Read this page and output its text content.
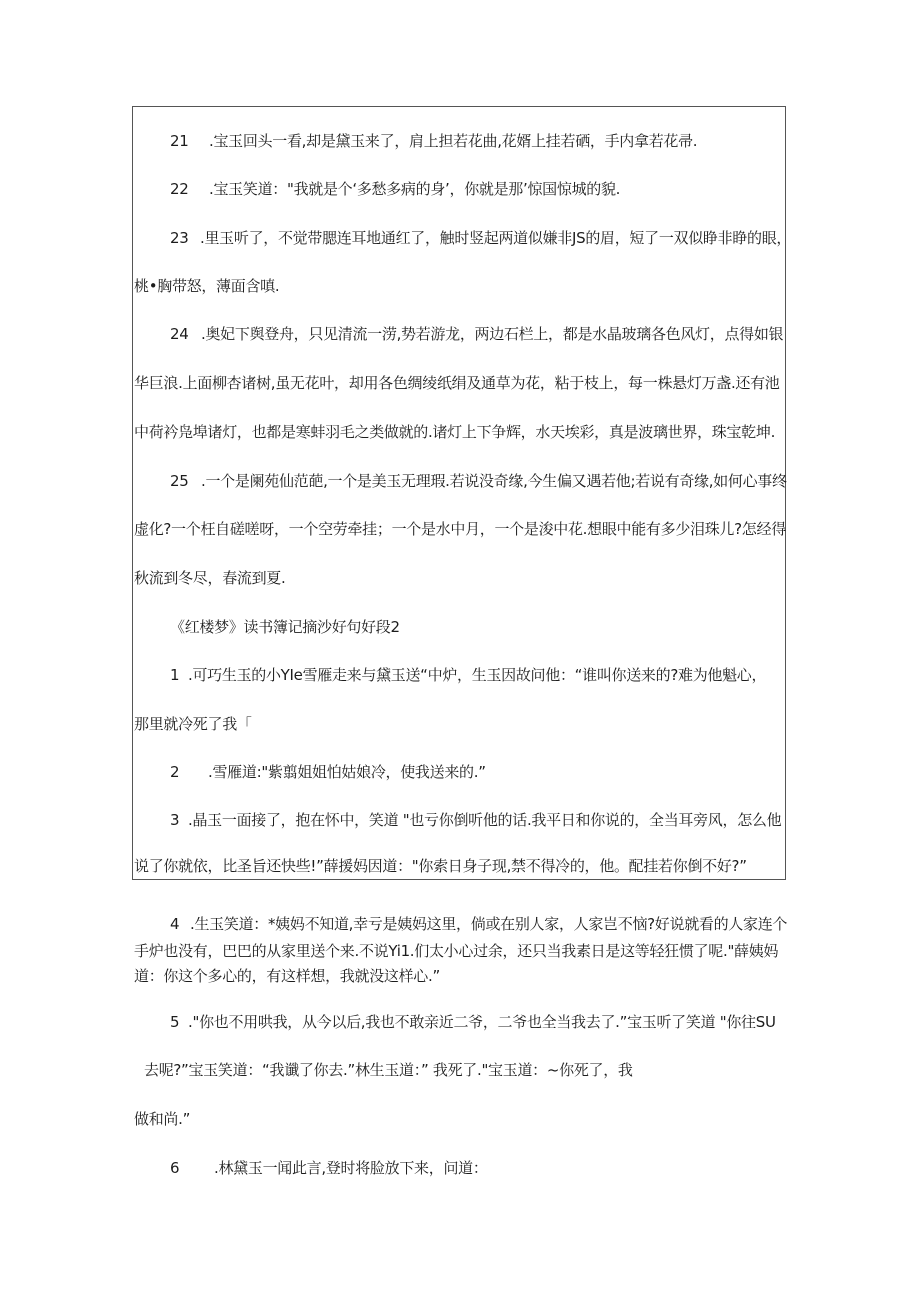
21 .宝玉回头一看,却是黛玉来了，肩上担若花曲,花婿上挂若硒，手内拿若花帚.
22 .宝玉笑道："我就是个‘多愁多病的身’，你就是那’惊国惊城的貌.
23 .里玉听了，不觉带腮连耳地通红了，触时竖起两道似嫌非JS的眉，短了一双似睁非睁的眼，
桃•胸带怒，薄面含嗔.
24 .奥妃下舆登舟，只见清流一涝,势若游龙，两边石栏上，都是水晶玻璃各色风灯，点得如银
华巨浪.上面柳杏诸树,虽无花叶，却用各色绸绫纸绢及通草为花，粘于枝上，每一株悬灯万盏.还有池
中荷衿凫埠诸灯，也都是寒蚌羽毛之类做就的.诸灯上下争辉，水天埃彩，真是波璃世界，珠宝乾坤.
25 .一个是阑苑仙范葩,一个是美玉无理瑕.若说没奇缘,今生偏又遇若他;若说有奇缘,如何心事终
虚化?一个枉自磋嗟呀，一个空劳牵挂；一个是水中月，一个是浚中花.想眼中能有多少泪珠儿?怎经得
秋流到冬尽，春流到夏.
《红楼梦》读书簿记摘沙好句好段2
1 .可巧生玉的小YIe雪雁走来与黛玉送“中炉，生玉因故问他：“谁叫你送来的?难为他魁心，
那里就冷死了我「
2 .雪雁道:"紫翦姐姐怕姑娘冷，使我送来的.”
3 .晶玉一面接了，抱在怀中，笑道 "也亏你倒听他的话.我平日和你说的，全当耳旁风，怎么他
说了你就依，比圣旨还快些!”薛援妈因道："你索日身子现,禁不得冷的，他。配挂若你倒不好?”
4 .生玉笑道：*姨妈不知道,幸亏是姨妈这里，倘或在别人家，人家岂不恼?好说就看的人家连个
手炉也没有，巴巴的从家里送个来.不说Yi1.们太小心过余，还只当我素日是这等轻狂惯了呢."薛姨妈
道：你这个多心的，有这样想，我就没这样心.”
5 ."你也不用哄我，从今以后,我也不敢亲近二爷，二爷也全当我去了.”宝玉听了笑道 "你往SU
去呢?”宝玉笑道：“我谶了你去.”林生玉道：” 我死了."宝玉道：~你死了，我
做和尚.”
6 .林黛玉一闻此言,登时将脸放下来，问道：
